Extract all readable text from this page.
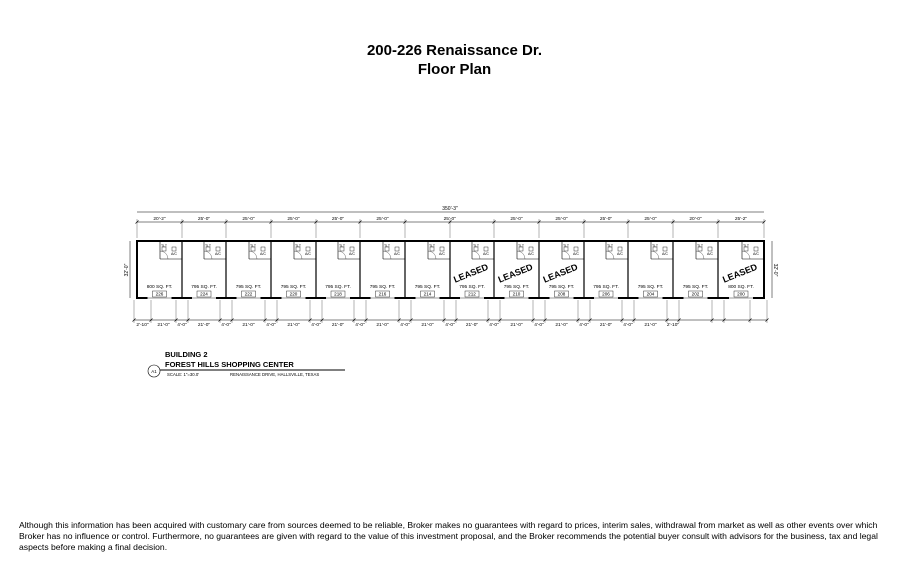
200-226 Renaissance Dr.
Floor Plan
350'-3"
20'-2"	25'-0"	25'-0"	25'-0"	25'-0"	25'-0"	25'-0"	25'-0"	25'-0"	25'-0"	25'-0"	20'-0"	25'-2"
A/C
TLT
A/C
TLT
A/C
TLT
A/C
TLT
A/C
TLT
A/C
TLT
A/C
TLT
A/C
TLT
A/C
TLT
A/C
TLT
A/C
TLT
A/C
TLT
A/C
TLT
A/C
TLT
800 SQ. FT.
226
795 SQ. FT.
224
795 SQ. FT.
222
795 SQ. FT.
220
795 SQ. FT.
218
795 SQ. FT.
216
795 SQ. FT.
214
795 SQ. FT.
212
LEASED
795 SQ. FT.
210
LEASED
795 SQ. FT.
208
LEASED
795 SQ. FT.
206
795 SQ. FT.
204
795 SQ. FT.
202
800 SQ. FT.
200
LEASED
2'-10" 21'-0" 4'-0" 21'-0" 4'-0" 21'-0" 4'-0" 21'-0" 4'-0" 21'-0" 4'-0" 21'-0" 4'-0" 21'-0" 4'-0" 21'-0" 4'-0" 21'-0" 4'-0" 21'-0" 4'-0" 21'-0" 4'-0" 21'-0" 2'-10"
32'-0"	32'-0"
BUILDING 2
FOREST HILLS SHOPPING CENTER
A1
SCALE: 1"=30.0'	RENAISSANCE DRIVE, HALLSVILLE, TEXAS
Although this information has been acquired with customary care from sources deemed to be reliable, Broker makes no guarantees with regard to prices, interim sales, withdrawal from market as well as other events over which Broker has no influence or control. Furthermore, no guarantees are given with regard to the value of this investment proposal, and the Broker recommends the potential buyer consult with advisors for the business, tax and legal aspects before making a final decision.
